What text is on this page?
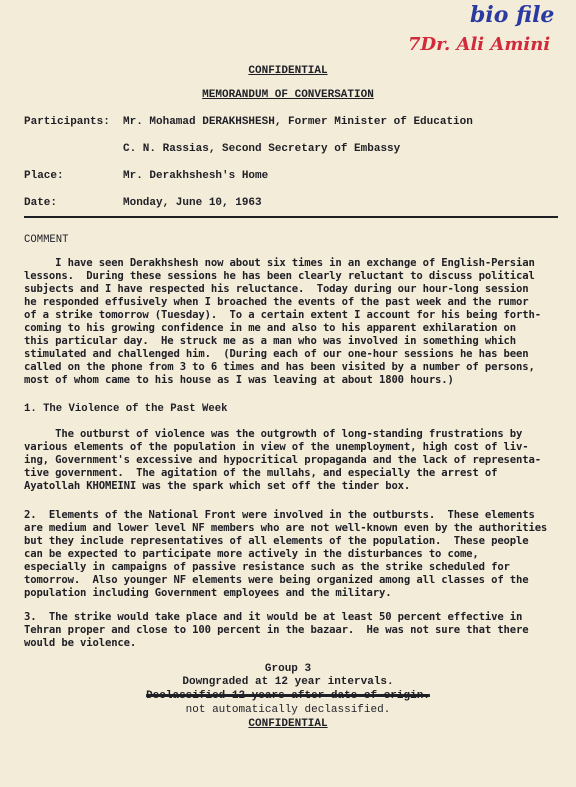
bio file
7Dr. Ali Amini
CONFIDENTIAL
MEMORANDUM OF CONVERSATION
Participants: Mr. Mohamad DERAKHSHESH, Former Minister of Education
C. N. Rassias, Second Secretary of Embassy
Place:	Mr. Derakhshesh's Home
Date:	Monday, June 10, 1963
COMMENT
I have seen Derakhshesh now about six times in an exchange of English-Persian
lessons.  During these sessions he has been clearly reluctant to discuss political
subjects and I have respected his reluctance.  Today during our hour-long session
he responded effusively when I broached the events of the past week and the rumor
of a strike tomorrow (Tuesday).  To a certain extent I account for his being forth-
coming to his growing confidence in me and also to his apparent exhilaration on
this particular day.  He struck me as a man who was involved in something which
stimulated and challenged him.  (During each of our one-hour sessions he has been
called on the phone from 3 to 6 times and has been visited by a number of persons,
most of whom came to his house as I was leaving at about 1800 hours.)
1. The Violence of the Past Week
The outburst of violence was the outgrowth of long-standing frustrations by
various elements of the population in view of the unemployment, high cost of liv-
ing, Government's excessive and hypocritical propaganda and the lack of representa-
tive government.  The agitation of the mullahs, and especially the arrest of
Ayatollah KHOMEINI was the spark which set off the tinder box.
2.  Elements of the National Front were involved in the outbursts.  These elements
are medium and lower level NF members who are not well-known even by the authorities
but they include representatives of all elements of the population.  These people
can be expected to participate more actively in the disturbances to come,
especially in campaigns of passive resistance such as the strike scheduled for
tomorrow.  Also younger NF elements were being organized among all classes of the
population including Government employees and the military.
3.  The strike would take place and it would be at least 50 percent effective in
Tehran proper and close to 100 percent in the bazaar.  He was not sure that there
would be violence.
Group 3
Downgraded at 12 year intervals.
Declassified 12 years after date of origin.
not automatically declassified.
CONFIDENTIAL
